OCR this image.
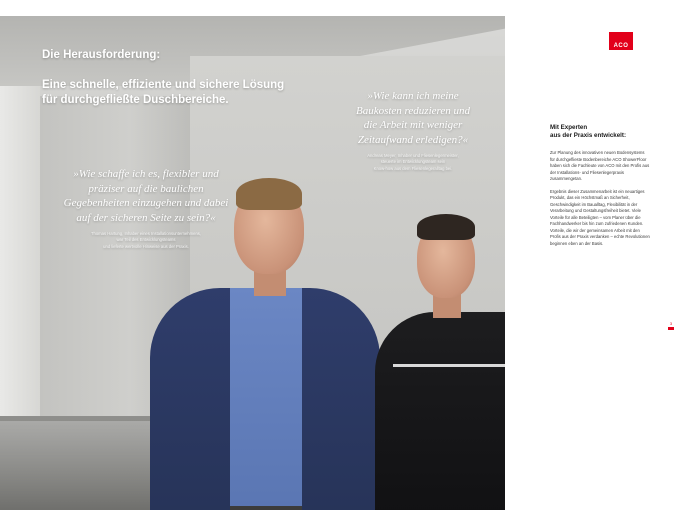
Die Herausforderung:
Eine schnelle, effiziente und sichere Lösung
für durchgefließte Duschbereiche.

»Wie schaffe ich es, flexibler und präziser auf die baulichen Gegebenheiten einzugehen und dabei auf der sicheren Seite zu sein?«

Thomas Hartung, Inhaber eines Installationsunternehmens,
war Teil des Entwicklungsteams
und lieferte wertvolle Hinweise aus der Praxis.

»Wie kann ich meine Baukosten reduzieren und die Arbeit mit weniger Zeitaufwand erledigen?«

Andreas Meyer, Inhaber und Fliesenlegermeister,
steuerte im Entwicklungsteam sein
Know-how aus dem Fliesenlegeralltag bei.
ACO
Mit Experten
aus der Praxis entwickelt:

Zur Planung des innovativen neuen Bodensystems für durchgeflieste Bodenbereiche ACO ShowerFloor haben sich die Fachleute von ACO mit den Profis aus der Installations- und Fliesenlegerpraxis zusammengetan.

Ergebnis dieser Zusammenarbeit ist ein neuartiges Produkt, das ein Höchstmaß an Sicherheit, Geschwindigkeit im Baualltag, Flexibilität in der Verarbeitung und Gestaltungsfreiheit bietet. Viele Vorteile für alle Beteiligten – vom Planer über die Fachhandwerker bis hin zum zufriedenen Kunden. Vorteile, die wir der gemeinsamen Arbeit mit den Profis aus der Praxis verdanken – echte Revolutionen beginnen eben an der Basis.

3
